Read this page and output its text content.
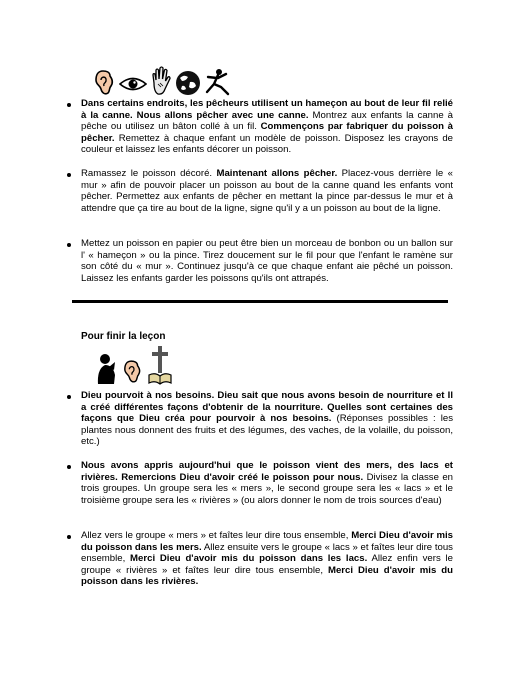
Dans certains endroits, les pêcheurs utilisent un hameçon au bout de leur fil relié à la canne. Nous allons pêcher avec une canne. Montrez aux enfants la canne à pêche ou utilisez un bâton collé à un fil. Commençons par fabriquer du poisson à pêcher. Remettez à chaque enfant un modèle de poisson. Disposez les crayons de couleur et laissez les enfants décorer un poisson.
Ramassez le poisson décoré. Maintenant allons pêcher. Placez-vous derrière le « mur » afin de pouvoir placer un poisson au bout de la canne quand les enfants vont pêcher. Permettez aux enfants de pêcher en mettant la pince par-dessus le mur et à attendre que ça tire au bout de la ligne, signe qu'il y a un poisson au bout de la ligne.
Mettez un poisson en papier ou peut être bien un morceau de bonbon ou un ballon sur l' « hameçon » ou la pince. Tirez doucement sur le fil pour que l'enfant le ramène sur son côté du « mur ». Continuez jusqu'à ce que chaque enfant aie pêché un poisson. Laissez les enfants garder les poissons qu'ils ont attrapés.
Pour finir la leçon
Dieu pourvoit à nos besoins. Dieu sait que nous avons besoin de nourriture et Il a créé différentes façons d'obtenir de la nourriture. Quelles sont certaines des façons que Dieu créa pour pourvoir à nos besoins. (Réponses possibles : les plantes nous donnent des fruits et des légumes, des vaches, de la volaille, du poisson, etc.)
Nous avons appris aujourd'hui que le poisson vient des mers, des lacs et rivières. Remercions Dieu d'avoir créé le poisson pour nous. Divisez la classe en trois groupes. Un groupe sera les « mers », le second groupe sera les « lacs » et le troisième groupe sera les « rivières » (ou alors donner le nom de trois sources d'eau)
Allez vers le groupe « mers » et faîtes leur dire tous ensemble, Merci Dieu d'avoir mis du poisson dans les mers. Allez ensuite vers le groupe « lacs » et faîtes leur dire tous ensemble, Merci Dieu d'avoir mis du poisson dans les lacs. Allez enfin vers le groupe « rivières » et faîtes leur dire tous ensemble, Merci Dieu d'avoir mis du poisson dans les rivières.
